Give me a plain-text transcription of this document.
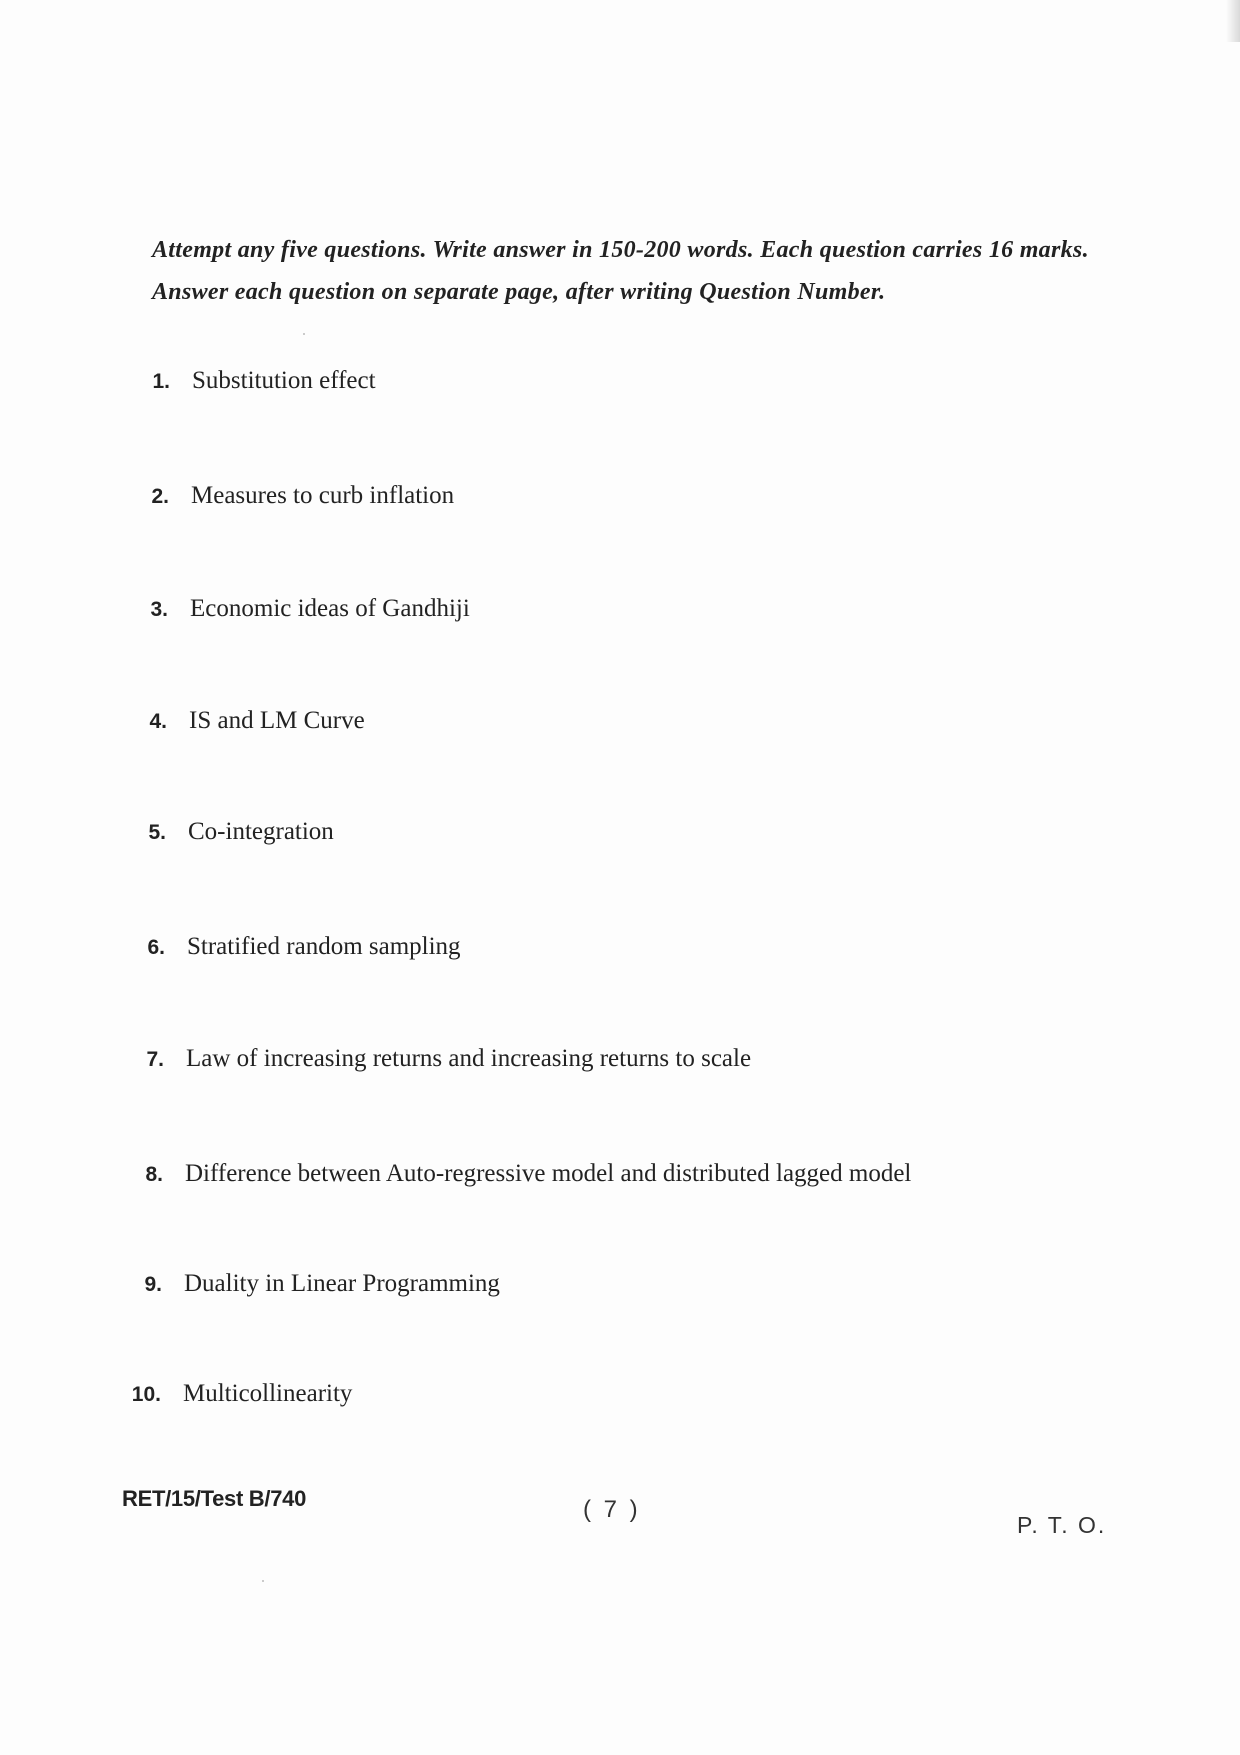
Attempt any five questions. Write answer in 150-200 words. Each question carries 16 marks. Answer each question on separate page, after writing Question Number.

1. Substitution effect
2. Measures to curb inflation
3. Economic ideas of Gandhiji
4. IS and LM Curve
5. Co-integration
6. Stratified random sampling
7. Law of increasing returns and increasing returns to scale
8. Difference between Auto-regressive model and distributed lagged model
9. Duality in Linear Programming
10. Multicollinearity
RET/15/Test B/740	( 7 )
P. T. O.
